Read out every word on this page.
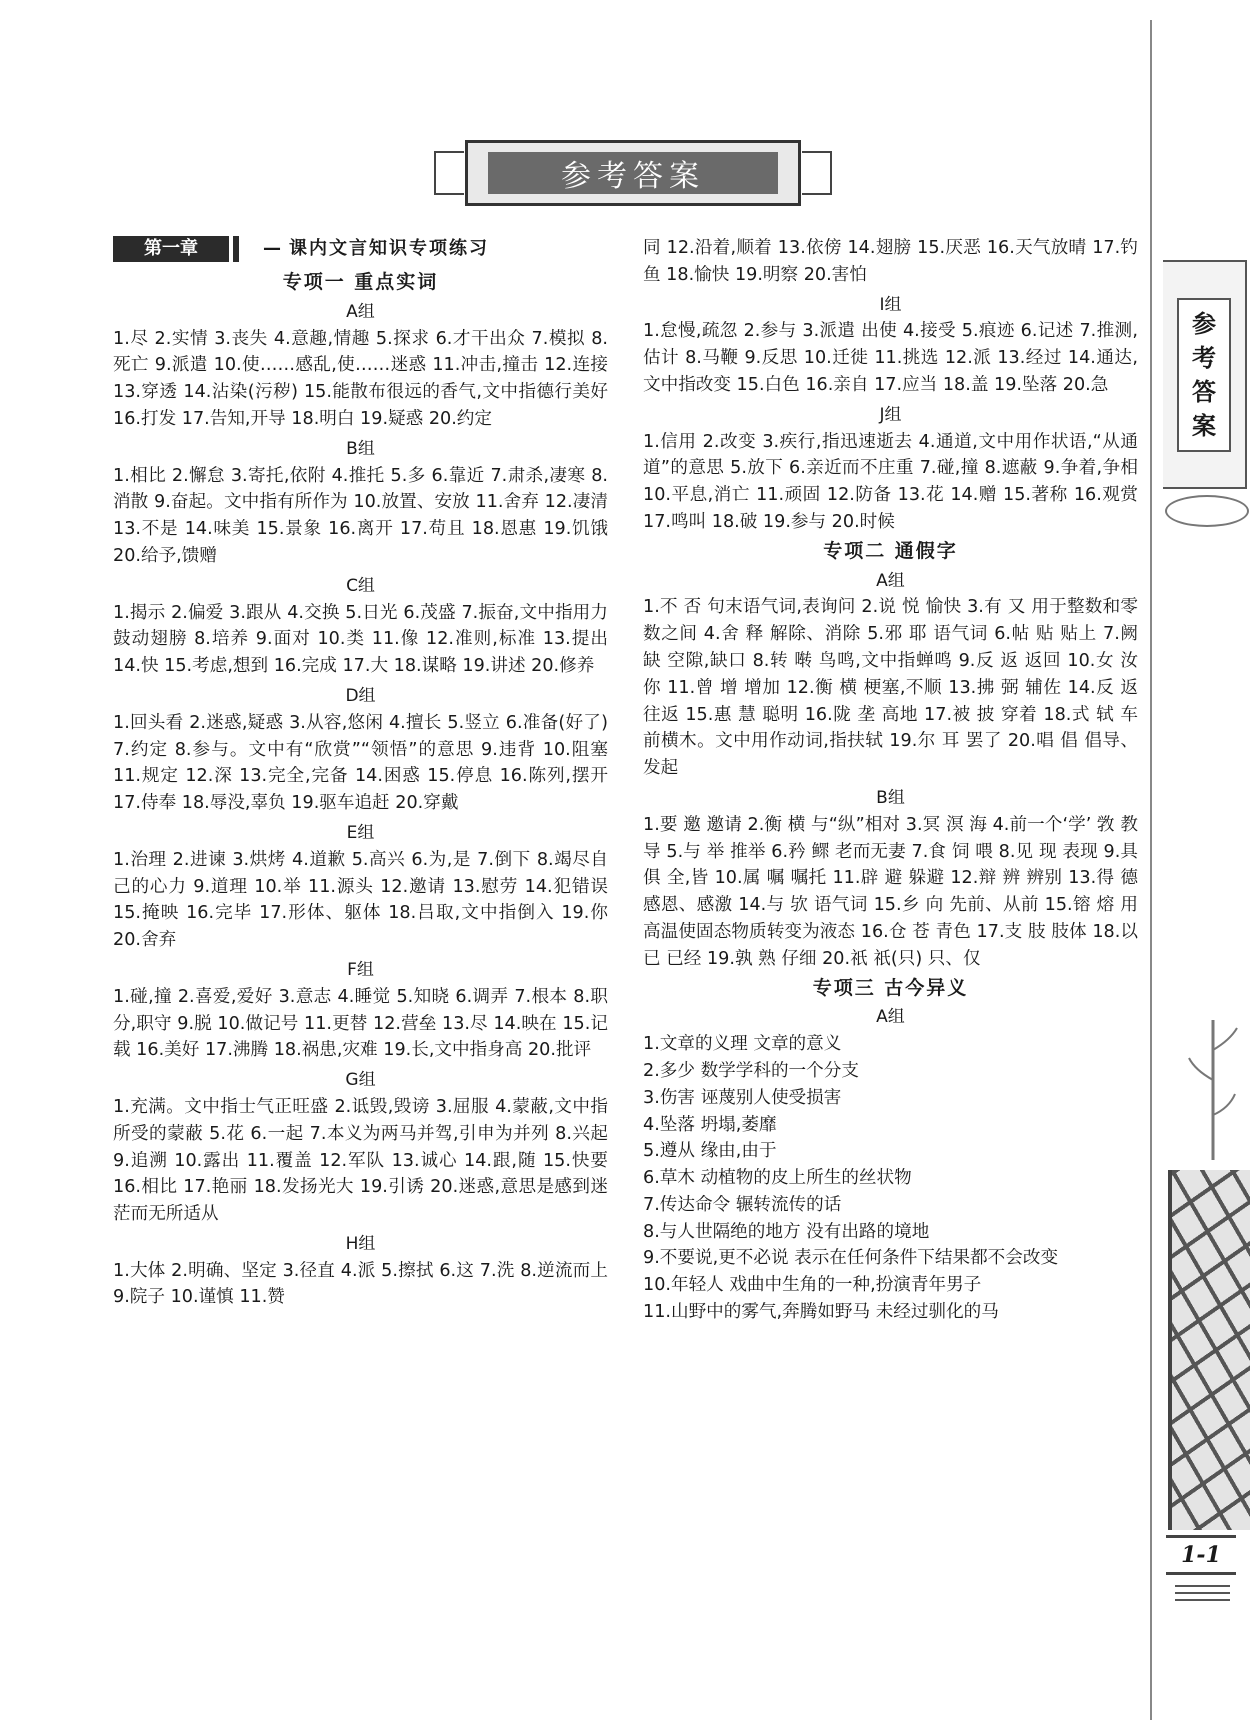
参考答案
第一章
—	课内文言知识专项练习
专项一 重点实词
A组

1.尽 2.实情 3.丧失 4.意趣,情趣 5.探求 6.才干出众 7.模拟 8.死亡 9.派遣 10.使……感乱,使……迷惑 11.冲击,撞击 12.连接 13.穿透 14.沾染(污秽) 15.能散布很远的香气,文中指德行美好 16.打发 17.告知,开导 18.明白 19.疑惑 20.约定

B组

1.相比 2.懈怠 3.寄托,依附 4.推托 5.多 6.靠近 7.肃杀,凄寒 8.消散 9.奋起。文中指有所作为 10.放置、安放 11.舍弃 12.凄清 13.不是 14.味美 15.景象 16.离开 17.苟且 18.恩惠 19.饥饿 20.给予,馈赠

C组

1.揭示 2.偏爱 3.跟从 4.交换 5.日光 6.茂盛 7.振奋,文中指用力鼓动翅膀 8.培养 9.面对 10.类 11.像 12.准则,标准 13.提出 14.快 15.考虑,想到 16.完成 17.大 18.谋略 19.讲述 20.修养

D组

1.回头看 2.迷惑,疑惑 3.从容,悠闲 4.擅长 5.竖立 6.准备(好了) 7.约定 8.参与。文中有“欣赏”“领悟”的意思 9.违背 10.阻塞 11.规定 12.深 13.完全,完备 14.困惑 15.停息 16.陈列,摆开 17.侍奉 18.辱没,辜负 19.驱车追赶 20.穿戴

E组

1.治理 2.进谏 3.烘烤 4.道歉 5.高兴 6.为,是 7.倒下 8.竭尽自己的心力 9.道理 10.举 11.源头 12.邀请 13.慰劳 14.犯错误 15.掩映 16.完毕 17.形体、躯体 18.吕取,文中指倒入 19.你 20.舍弃

F组

1.碰,撞 2.喜爱,爱好 3.意志 4.睡觉 5.知晓 6.调弄 7.根本 8.职分,职守 9.脱 10.做记号 11.更替 12.营垒 13.尽 14.映在 15.记载 16.美好 17.沸腾 18.祸患,灾难 19.长,文中指身高 20.批评

G组

1.充满。文中指士气正旺盛 2.诋毁,毁谤 3.屈服 4.蒙蔽,文中指所受的蒙蔽 5.花 6.一起 7.本义为两马并驾,引申为并列 8.兴起 9.追溯 10.露出 11.覆盖 12.军队 13.诚心 14.跟,随 15.快要 16.相比 17.艳丽 18.发扬光大 19.引诱 20.迷惑,意思是感到迷茫而无所适从

H组

1.大体 2.明确、坚定 3.径直 4.派 5.擦拭 6.这 7.洗 8.逆流而上 9.院子 10.谨慎 11.赞

同 12.沿着,顺着 13.依傍 14.翅膀 15.厌恶 16.天气放晴 17.钓鱼 18.愉快 19.明察 20.害怕

I组

1.怠慢,疏忽 2.参与 3.派遣 出使 4.接受 5.痕迹 6.记述 7.推测,估计 8.马鞭 9.反思 10.迁徙 11.挑选 12.派 13.经过 14.通达,文中指改变 15.白色 16.亲自 17.应当 18.盖 19.坠落 20.急

J组

1.信用 2.改变 3.疾行,指迅速逝去 4.通道,文中用作状语,“从通道”的意思 5.放下 6.亲近而不庄重 7.碰,撞 8.遮蔽 9.争着,争相 10.平息,消亡 11.顽固 12.防备 13.花 14.赠 15.著称 16.观赏 17.鸣叫 18.破 19.参与 20.时候

专项二 通假字
A组

1.不 否 句末语气词,表询问 2.说 悦 愉快 3.有 又 用于整数和零数之间 4.舍 释 解除、消除 5.邪 耶 语气词 6.帖 贴 贴上 7.阙 缺 空隙,缺口 8.转 啭 鸟鸣,文中指蝉鸣 9.反 返 返回 10.女 汝 你 11.曾 增 增加 12.衡 横 梗塞,不顺 13.拂 弼 辅佐 14.反 返 往返 15.惠 慧 聪明 16.陇 垄 高地 17.被 披 穿着 18.式 轼 车前横木。文中用作动词,指扶轼 19.尔 耳 罢了 20.唱 倡 倡导、发起

B组

1.要 邀 邀请 2.衡 横 与“纵”相对 3.冥 溟 海 4.前一个‘学’ 敩 教导 5.与 举 推举 6.矜 鳏 老而无妻 7.食 饲 喂 8.见 现 表现 9.具 俱 全,皆 10.属 嘱 嘱托 11.辟 避 躲避 12.辩 辨 辨别 13.得 德 感恩、感激 14.与 欤 语气词 15.乡 向 先前、从前 15.镕 熔 用高温使固态物质转变为液态 16.仓 苍 青色 17.支 肢 肢体 18.以 已 已经 19.孰 熟 仔细 20.祇 祇(只) 只、仅

专项三 古今异义
A组

1.文章的义理 文章的意义

2.多少 数学学科的一个分支

3.伤害 诬蔑别人使受损害

4.坠落 坍塌,萎靡

5.遵从 缘由,由于

6.草木 动植物的皮上所生的丝状物

7.传达命令 辗转流传的话

8.与人世隔绝的地方 没有出路的境地

9.不要说,更不必说 表示在任何条件下结果都不会改变

10.年轻人 戏曲中生角的一种,扮演青年男子

11.山野中的雾气,奔腾如野马 未经过驯化的马

参
考
答
案
1-1
